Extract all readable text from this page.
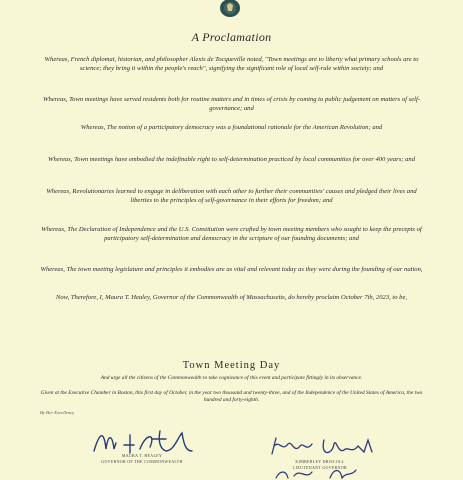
A Proclamation

Whereas, French diplomat, historian, and philosopher Alexis de Tocqueville noted, "Town meetings are to liberty what primary schools are to science; they bring it within the people's reach", signifying the significant role of local self-rule within society; and

Whereas, Town meetings have served residents both for routine matters and in times of crisis by coming to public judgement on matters of self-governance; and

Whereas, The notion of a participatory democracy was a foundational rationale for the American Revolution; and

Whereas, Town meetings have embodied the indefinable right to self-determination practiced by local communities for over 400 years; and

Whereas, Revolutionaries learned to engage in deliberation with each other to further their communities' causes and pledged their lives and liberties to the principles of self-governance in their efforts for freedom; and

Whereas, The Declaration of Independence and the U.S. Constitution were crafted by town meeting members who sought to keep the precepts of participatory self-determination and democracy in the scripture of our founding documents; and

Whereas, The town meeting legislature and principles it embodies are as vital and relevant today as they were during the founding of our nation,

Now, Therefore, I, Maura T. Healey, Governor of the Commonwealth of Massachusetts, do hereby proclaim October 7th, 2023, to be,

Town Meeting Day
And urge all the citizens of the Commonwealth to take cognizance of this event and participate fittingly in its observance.
Given at the Executive Chamber in Boston, this first day of October, in the year two thousand and twenty-three, and of the Independence of the United States of America, the two hundred and forty-eighth.
By Her Excellency
MAURA T. HEALEY
GOVERNOR OF THE COMMONWEALTH	KIMBERLEY DRISCOLL
LIEUTENANT GOVERNOR
